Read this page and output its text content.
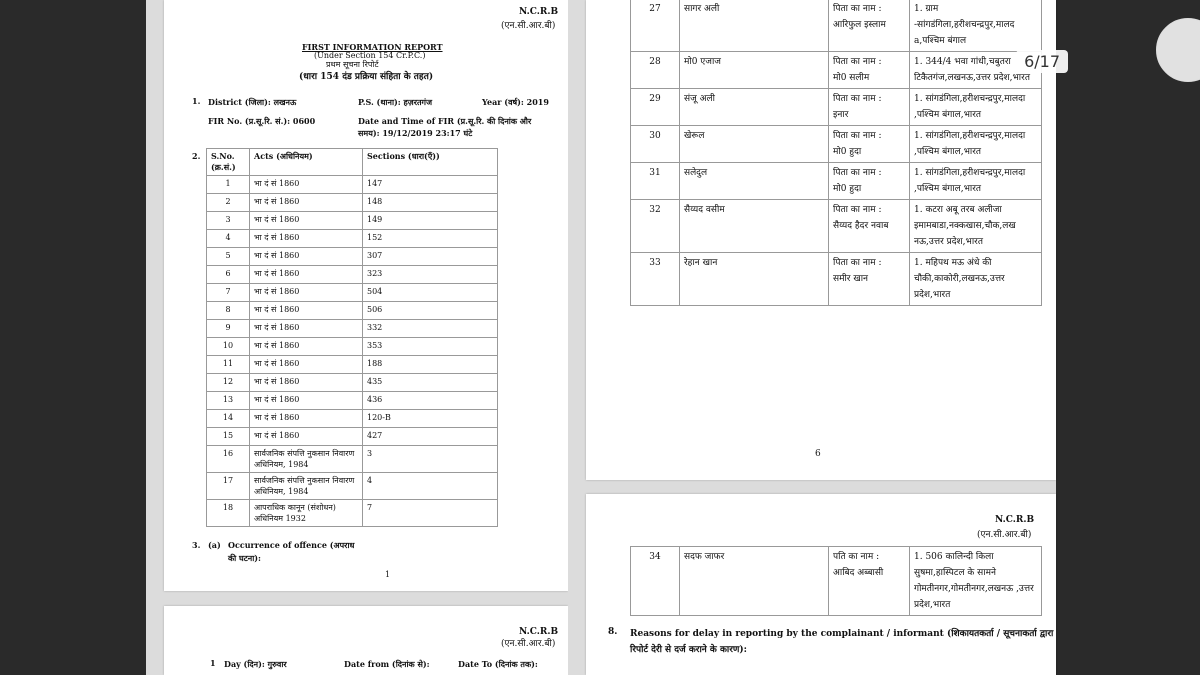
N.C.R.B
(एन.सी.आर.बी)
FIRST INFORMATION REPORT
(Under Section 154 Cr.P.C.)
प्रथम सूचना रिपोर्ट
(धारा 154 दंड प्रक्रिया संहिता के तहत)
1. District (जिला): लखनऊ	P.S. (थाना): हज़रतगंज	Year (वर्ष): 2019
FIR No. (प्र.सू.रि. सं.): 0600	Date and Time of FIR (प्र.सू.रि. की दिनांक और
समय): 19/12/2019 23:17 घंटे
2. S.No.
(क्र.सं.)	Acts (अधिनियम)	Sections (धारा(एँ))
1	भा दं सं 1860	147
2	भा दं सं 1860	148
3	भा दं सं 1860	149
4	भा दं सं 1860	152
5	भा दं सं 1860	307
6	भा दं सं 1860	323
7	भा दं सं 1860	504
8	भा दं सं 1860	506
9	भा दं सं 1860	332
10	भा दं सं 1860	353
11	भा दं सं 1860	188
12	भा दं सं 1860	435
13	भा दं सं 1860	436
14	भा दं सं 1860	120-B
15	भा दं सं 1860	427
16	सार्वजनिक संपत्ति नुकसान निवारण अधिनियम, 1984	3
17	सार्वजनिक संपत्ति नुकसान निवारण अधिनियम, 1984	4
18	आपराधिक कानून (संशोधन) अधिनियम 1932	7
3. (a) Occurrence of offence (अपराध
की घटना):
1
N.C.R.B
(एन.सी.आर.बी)
1 Day (दिन): गुरुवार	Date from (दिनांक से):	Date To (दिनांक तक):
27	सागर अली	पिता का नाम :
आरिफुल इस्लाम	1. ग्राम -सांगडंगिला,हरीशचन्द्रपुर,मालद a,पश्चिम बंगाल
28	मो0 एजाज	पिता का नाम :
मो0 सलीम	1. 344/4 भवा गांधी,चबुतरा टिकैतगंज,लखनऊ,उत्तर प्रदेश,भारत
29	संजू अली	पिता का नाम :
इनार	1. सांगडंगिला,हरीशचन्द्रपुर,मालदा ,पश्चिम बंगाल,भारत
30	खेरूल	पिता का नाम :
मो0 हुदा	1. सांगडंगिला,हरीशचन्द्रपुर,मालदा ,पश्चिम बंगाल,भारत
31	सलेदुल	पिता का नाम :
मो0 हुदा	1. सांगडंगिला,हरीशचन्द्रपुर,मालदा ,पश्चिम बंगाल,भारत
32	सैय्यद वसीम	पिता का नाम :
सैय्यद हैदर नवाब	1. कटरा अबू तरब अलीजा इमामबाडा,नक्कखास,चौक,लख नऊ,उत्तर प्रदेश,भारत
33	रेहान खान	पिता का नाम :
समीर खान	1. महिपथ मऊ अंधे की चौकी,काकोरी,लखनऊ,उत्तर प्रदेश,भारत
6
N.C.R.B
(एन.सी.आर.बी)
34	सदफ जाफर	पति का नाम :
आबिद अब्बासी	1. 506 कालिन्दी किला सुषमा,हास्पिटल के सामने गोमतीनगर,गोमतीनगर,लखनऊ ,उत्तर प्रदेश,भारत
8. Reasons for delay in reporting by the complainant / informant (शिकायतकर्ता / सूचनाकर्ता द्वारा
रिपोर्ट देरी से दर्ज कराने के कारण):
6/17
